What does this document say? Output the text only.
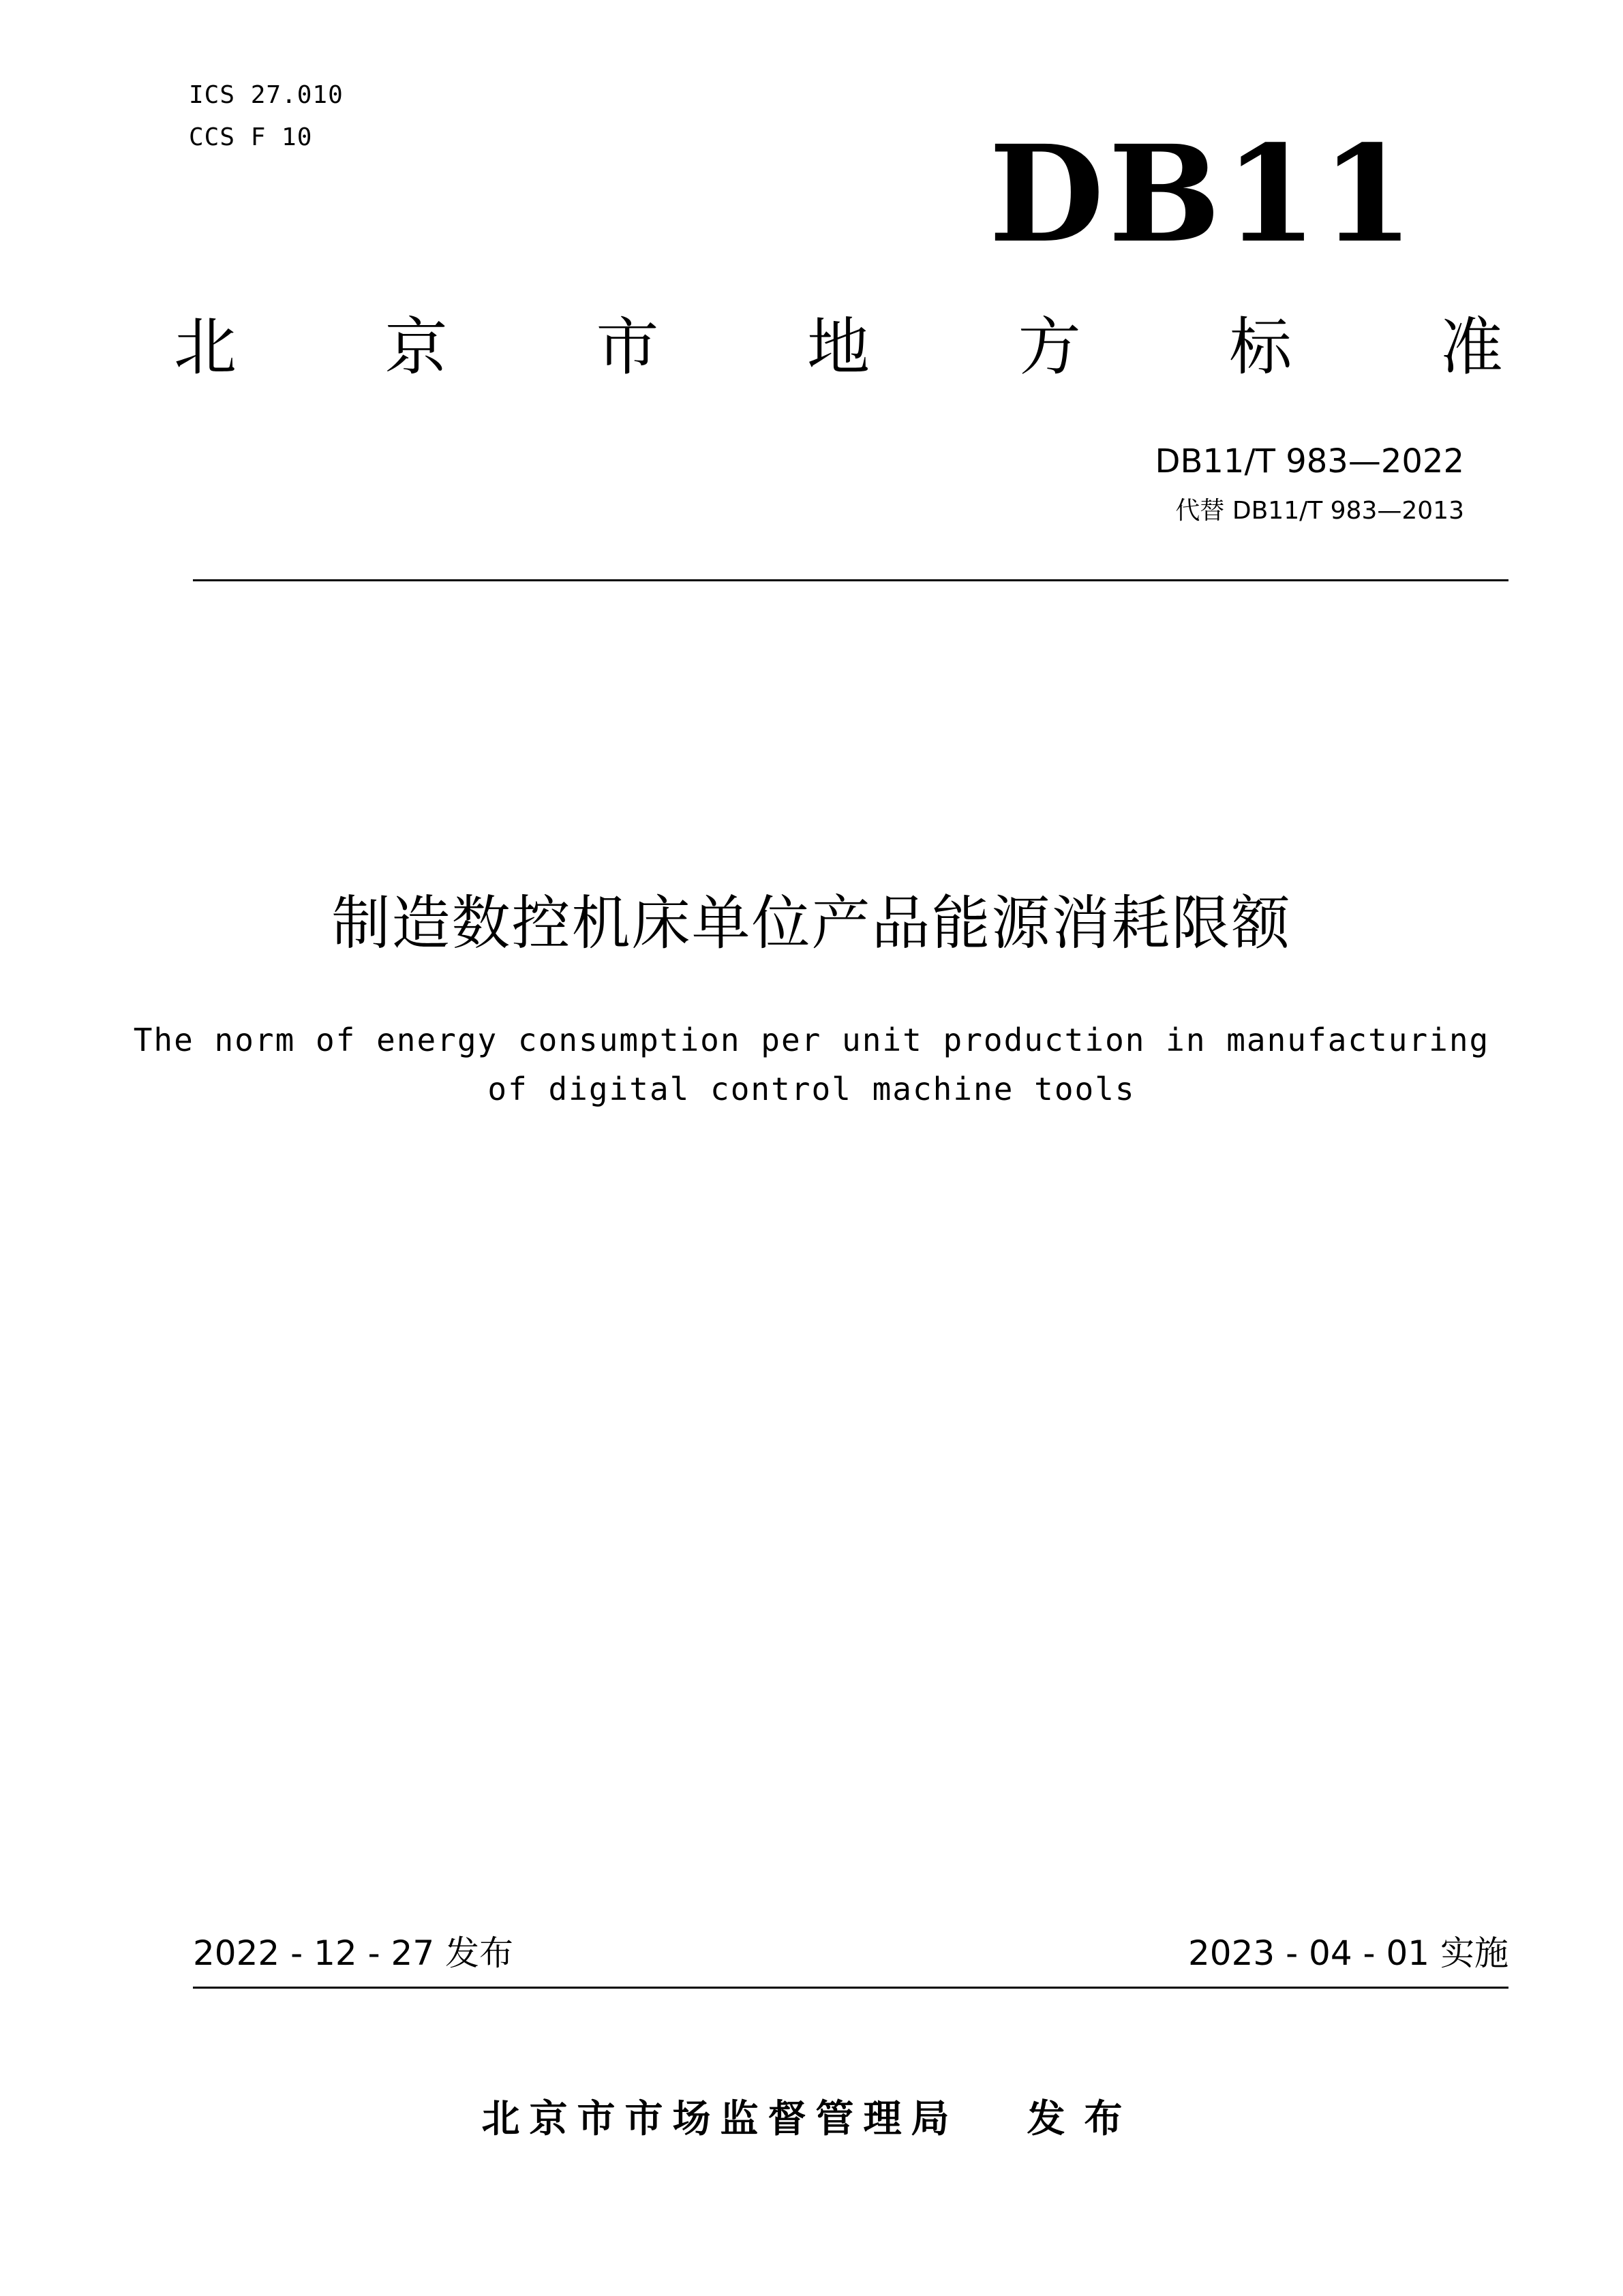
ICS 27.010
CCS F 10	DB11
北 京 市 地 方 标 准
DB11/T 983—2022
代替 DB11/T 983—2013
制造数控机床单位产品能源消耗限额
The norm of energy consumption per unit production in manufacturing
of digital control machine tools
2022 - 12 - 27 发布	2023 - 04 - 01 实施
北京市市场监督管理局 发布
